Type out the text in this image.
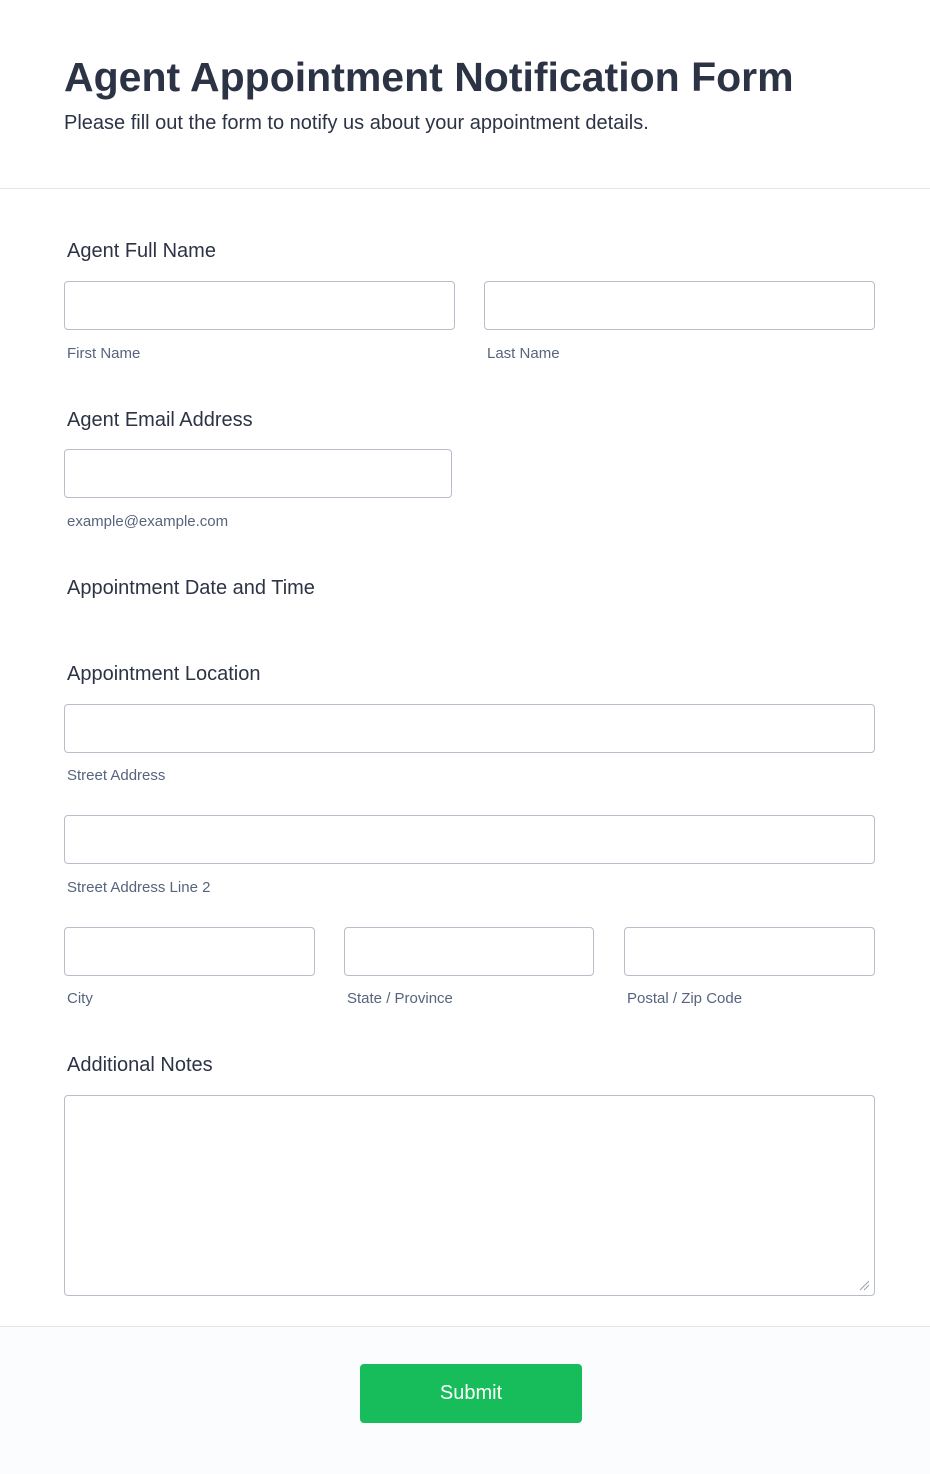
Agent Appointment Notification Form

Please fill out the form to notify us about your appointment details.

Agent Full Name
First Name	Last Name
Agent Email Address
example@example.com
Appointment Date and Time
Appointment Location
Street Address
Street Address Line 2
City	State / Province	Postal / Zip Code
Additional Notes
Submit
